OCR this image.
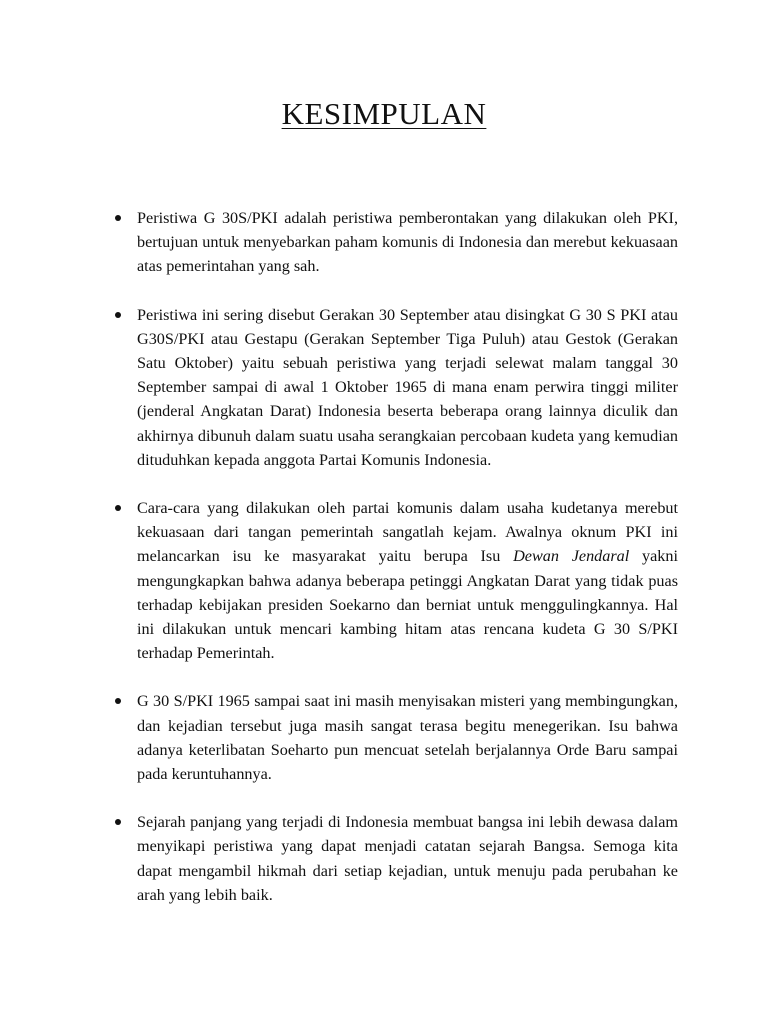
KESIMPULAN
Peristiwa G 30S/PKI adalah peristiwa pemberontakan yang dilakukan oleh PKI, bertujuan untuk menyebarkan paham komunis di Indonesia dan merebut kekuasaan atas pemerintahan yang sah.
Peristiwa ini sering disebut Gerakan 30 September atau disingkat G 30 S PKI atau G30S/PKI atau Gestapu (Gerakan September Tiga Puluh) atau Gestok (Gerakan Satu Oktober) yaitu sebuah peristiwa yang terjadi selewat malam tanggal 30 September sampai di awal 1 Oktober 1965 di mana enam perwira tinggi militer (jenderal Angkatan Darat) Indonesia beserta beberapa orang lainnya diculik dan akhirnya dibunuh dalam suatu usaha serangkaian percobaan kudeta yang kemudian dituduhkan kepada anggota Partai Komunis Indonesia.
Cara-cara yang dilakukan oleh partai komunis dalam usaha kudetanya merebut kekuasaan dari tangan pemerintah sangatlah kejam. Awalnya oknum PKI ini melancarkan isu ke masyarakat yaitu berupa Isu Dewan Jendaral yakni mengungkapkan bahwa adanya beberapa petinggi Angkatan Darat yang tidak puas terhadap kebijakan presiden Soekarno dan berniat untuk menggulingkannya. Hal ini dilakukan untuk mencari kambing hitam atas rencana kudeta G 30 S/PKI terhadap Pemerintah.
G 30 S/PKI 1965 sampai saat ini masih menyisakan misteri yang membingungkan, dan kejadian tersebut juga masih sangat terasa begitu menegerikan. Isu bahwa adanya keterlibatan Soeharto pun mencuat setelah berjalannya Orde Baru sampai pada keruntuhannya.
Sejarah panjang yang terjadi di Indonesia membuat bangsa ini lebih dewasa dalam menyikapi peristiwa yang dapat menjadi catatan sejarah Bangsa. Semoga kita dapat mengambil hikmah dari setiap kejadian, untuk menuju pada perubahan ke arah yang lebih baik.
